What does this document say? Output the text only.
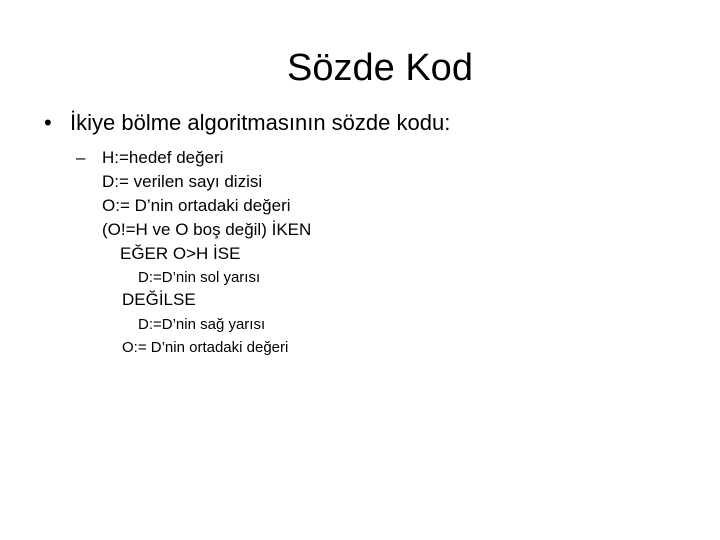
Sözde Kod
• İkiye bölme algoritmasının sözde kodu:
– H:=hedef değeri
D:= verilen sayı dizisi
O:= D’nin ortadaki değeri
(O!=H ve O boş değil) İKEN
EĞER O>H İSE
D:=D’nin sol yarısı
DEĞİLSE
D:=D’nin sağ yarısı
O:= D’nin ortadaki değeri
